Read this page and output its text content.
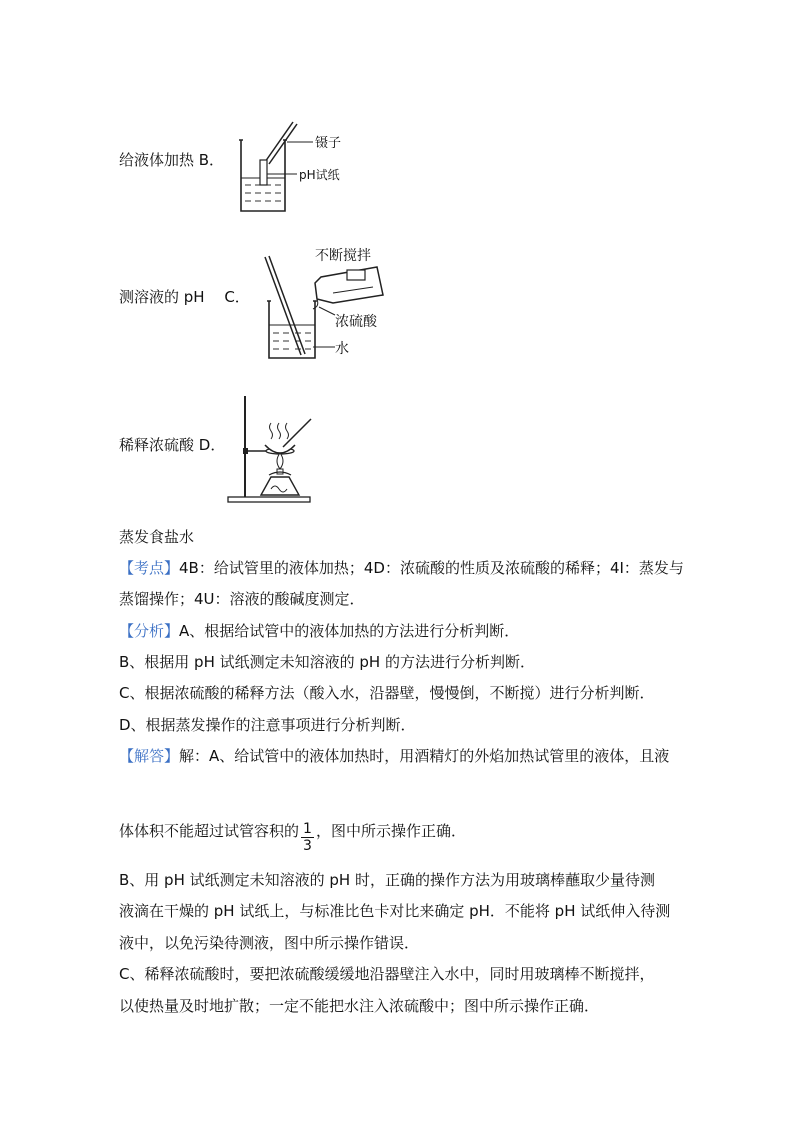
给液体加热 B．
镊子
pH试纸
测溶液的 pH　 C．
不断搅拌
浓硫酸
水
稀释浓硫酸 D．
蒸发食盐水
【考点】4B：给试管里的液体加热；4D：浓硫酸的性质及浓硫酸的稀释；4I：蒸发与
蒸馏操作；4U：溶液的酸碱度测定．
【分析】A、根据给试管中的液体加热的方法进行分析判断．
B、根据用 pH 试纸测定未知溶液的 pH 的方法进行分析判断．
C、根据浓硫酸的稀释方法（酸入水，沿器壁，慢慢倒，不断搅）进行分析判断．
D、根据蒸发操作的注意事项进行分析判断．
【解答】解：A、给试管中的液体加热时，用酒精灯的外焰加热试管里的液体，且液
体体积不能超过试管容积的 $\frac{1}{3}$ ，图中所示操作正确．
B、用 pH 试纸测定未知溶液的 pH 时，正确的操作方法为用玻璃棒蘸取少量待测
液滴在干燥的 pH 试纸上，与标准比色卡对比来确定 pH．不能将 pH 试纸伸入待测
液中，以免污染待测液，图中所示操作错误．
C、稀释浓硫酸时，要把浓硫酸缓缓地沿器壁注入水中，同时用玻璃棒不断搅拌，
以使热量及时地扩散；一定不能把水注入浓硫酸中；图中所示操作正确．
